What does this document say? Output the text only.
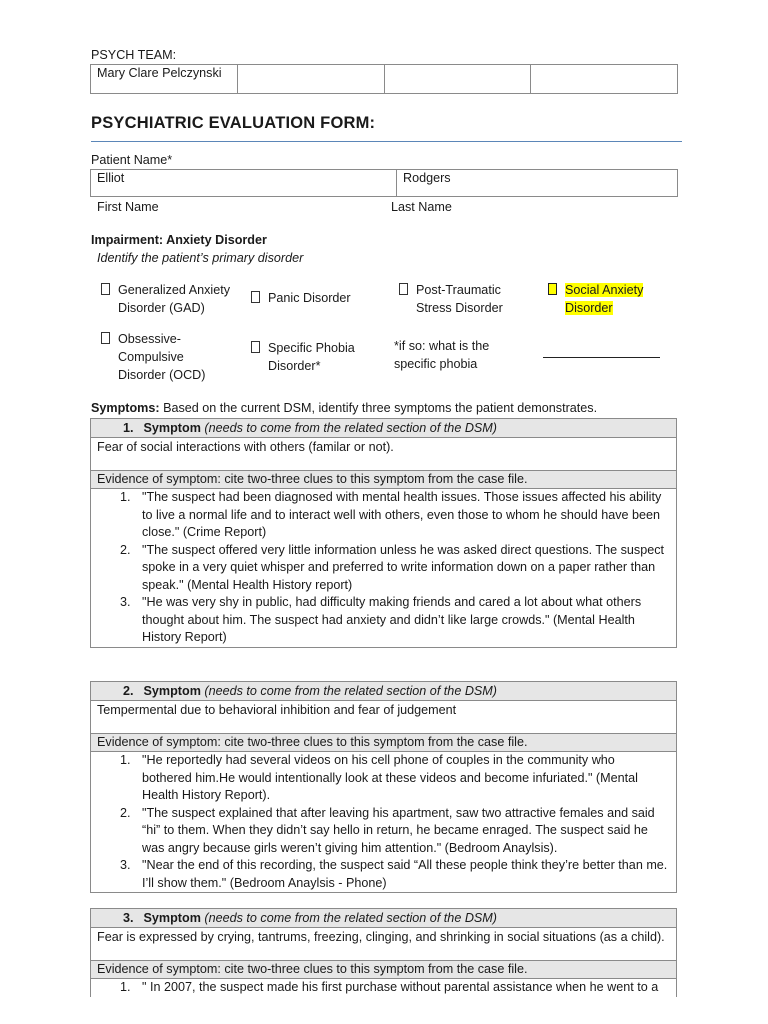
PSYCH TEAM:
Mary Clare Pelczynski			
PSYCHIATRIC EVALUATION FORM:
Patient Name*
Elliot	Rodgers
First Name	Last Name
Impairment: Anxiety Disorder
Identify the patient’s primary disorder
Generalized Anxiety
Disorder (GAD)
Panic Disorder
Post-Traumatic
Stress Disorder
Social Anxiety
Disorder
Obsessive-
Compulsive
Disorder (OCD)
Specific Phobia
Disorder*
*if so: what is the
specific phobia
Symptoms: Based on the current DSM, identify three symptoms the patient demonstrates.
1. Symptom (needs to come from the related section of the DSM)
Fear of social interactions with others (familar or not).
Evidence of symptom: cite two-three clues to this symptom from the case file.
1. "The suspect had been diagnosed with mental health issues. Those issues affected his ability to live a normal life and to interact well with others, even those to whom he should have been close." (Crime Report)
2. "The suspect offered very little information unless he was asked direct questions. The suspect spoke in a very quiet whisper and preferred to write information down on a paper rather than speak." (Mental Health History report)
3. "He was very shy in public, had difficulty making friends and cared a lot about what others thought about him. The suspect had anxiety and didn’t like large crowds." (Mental Health History Report)
2. Symptom (needs to come from the related section of the DSM)
Tempermental due to behavioral inhibition and fear of judgement
Evidence of symptom: cite two-three clues to this symptom from the case file.
1. "He reportedly had several videos on his cell phone of couples in the community who bothered him.He would intentionally look at these videos and become infuriated." (Mental Health History Report).
2. "The suspect explained that after leaving his apartment, saw two attractive females and said “hi” to them. When they didn’t say hello in return, he became enraged. The suspect said he was angry because girls weren’t giving him attention." (Bedroom Anaylsis).
3. "Near the end of this recording, the suspect said “All these people think they’re better than me. I’ll show them." (Bedroom Anaylsis - Phone)
3. Symptom (needs to come from the related section of the DSM)
Fear is expressed by crying, tantrums, freezing, clinging, and shrinking in social situations (as a child).
Evidence of symptom: cite two-three clues to this symptom from the case file.
1. " In 2007, the suspect made his first purchase without parental assistance when he went to a
